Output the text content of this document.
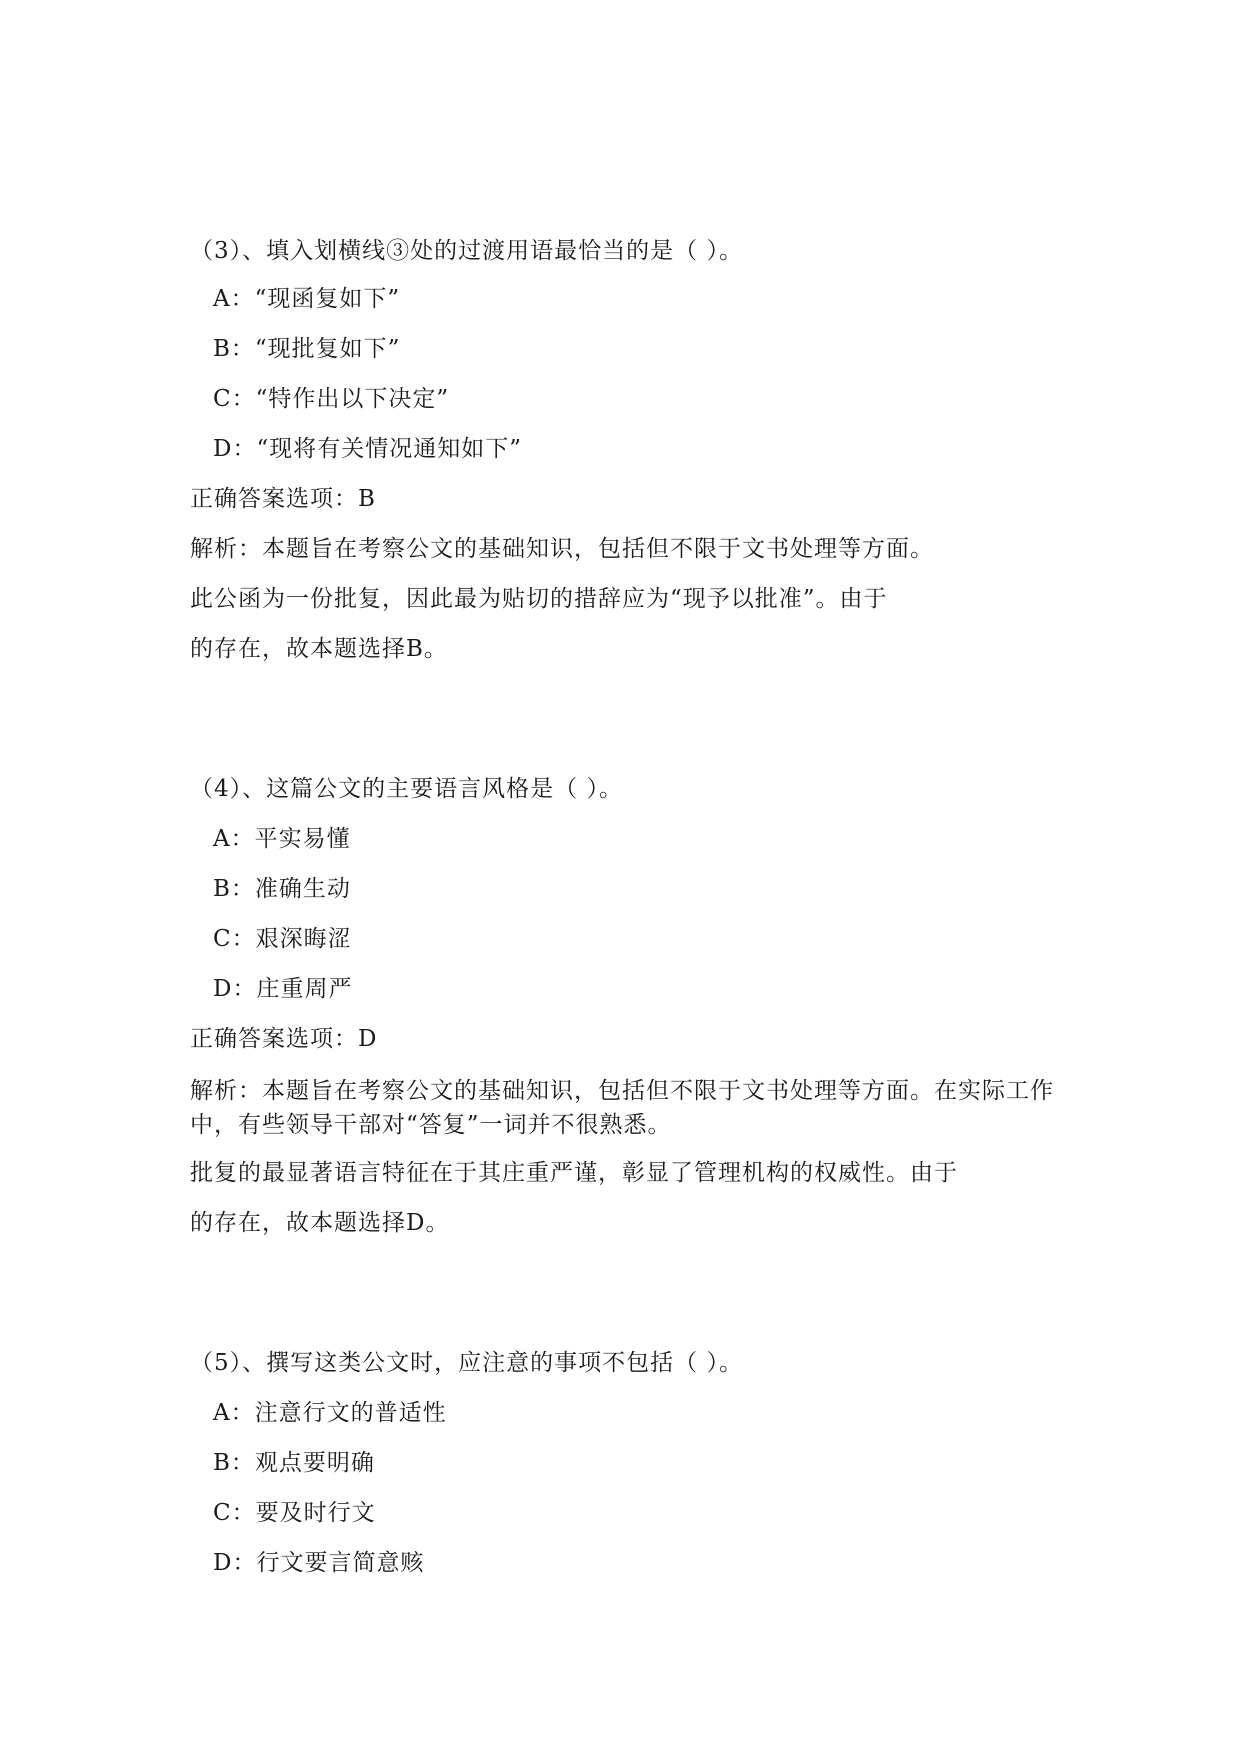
（3）、填入划横线③处的过渡用语最恰当的是（ ）。
A：“现函复如下”
B：“现批复如下”
C：“特作出以下决定”
D：“现将有关情况通知如下”
正确答案选项：B
解析：本题旨在考察公文的基础知识，包括但不限于文书处理等方面。
此公函为一份批复，因此最为贴切的措辞应为“现予以批准”。由于
的存在，故本题选择B。
（4）、这篇公文的主要语言风格是（ ）。
A：平实易懂
B：准确生动
C：艰深晦涩
D：庄重周严
正确答案选项：D
解析：本题旨在考察公文的基础知识，包括但不限于文书处理等方面。在实际工作中，有些领导干部对“答复”一词并不很熟悉。
批复的最显著语言特征在于其庄重严谨，彰显了管理机构的权威性。由于
的存在，故本题选择D。
（5）、撰写这类公文时，应注意的事项不包括（ ）。
A：注意行文的普适性
B：观点要明确
C：要及时行文
D：行文要言简意赅
